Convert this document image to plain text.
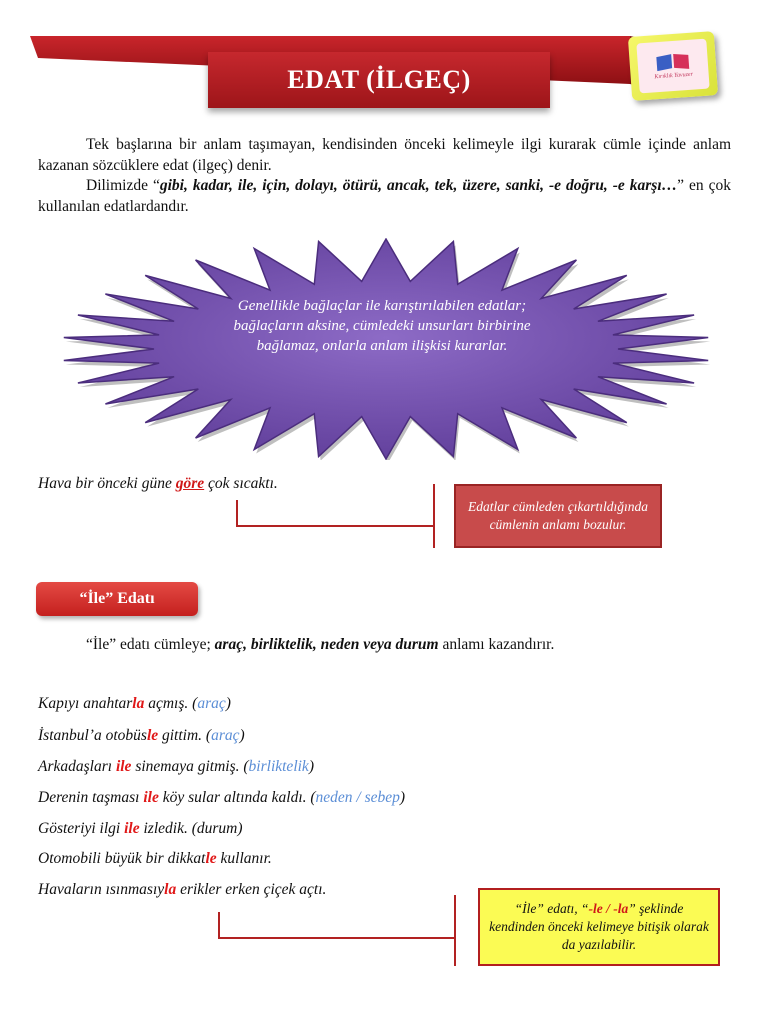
EDAT (İLGEÇ)	Kırıklık Yavuzer
Tek başlarına bir anlam taşımayan, kendisinden önceki kelimeyle ilgi kurarak cümle içinde anlam kazanan sözcüklere edat (ilgeç) denir.
Dilimizde “gibi, kadar, ile, için, dolayı, ötürü, ancak, tek, üzere, sanki, -e doğru, -e karşı…” en çok kullanılan edatlardandır.
Genellikle bağlaçlar ile karıştırılabilen edatlar; bağlaçların aksine, cümledeki unsurları birbirine bağlamaz, onlarla anlam ilişkisi kurarlar.
Hava bir önceki güne göre çok sıcaktı.
Edatlar cümleden çıkartıldığında cümlenin anlamı bozulur.
“İle” Edatı
“İle” edatı cümleye; araç, birliktelik, neden veya durum anlamı kazandırır.
Kapıyı anahtarla açmış. (araç)
İstanbul’a otobüsle gittim. (araç)
Arkadaşları ile sinemaya gitmiş. (birliktelik)
Derenin taşması ile köy sular altında kaldı. (neden / sebep)
Gösteriyi ilgi ile izledik. (durum)
Otomobili büyük bir dikkatle kullanır.
Havaların ısınmasıyla erikler erken çiçek açtı.
“İle” edatı, “-le / -la” şeklinde kendinden önceki kelimeye bitişik olarak da yazılabilir.
